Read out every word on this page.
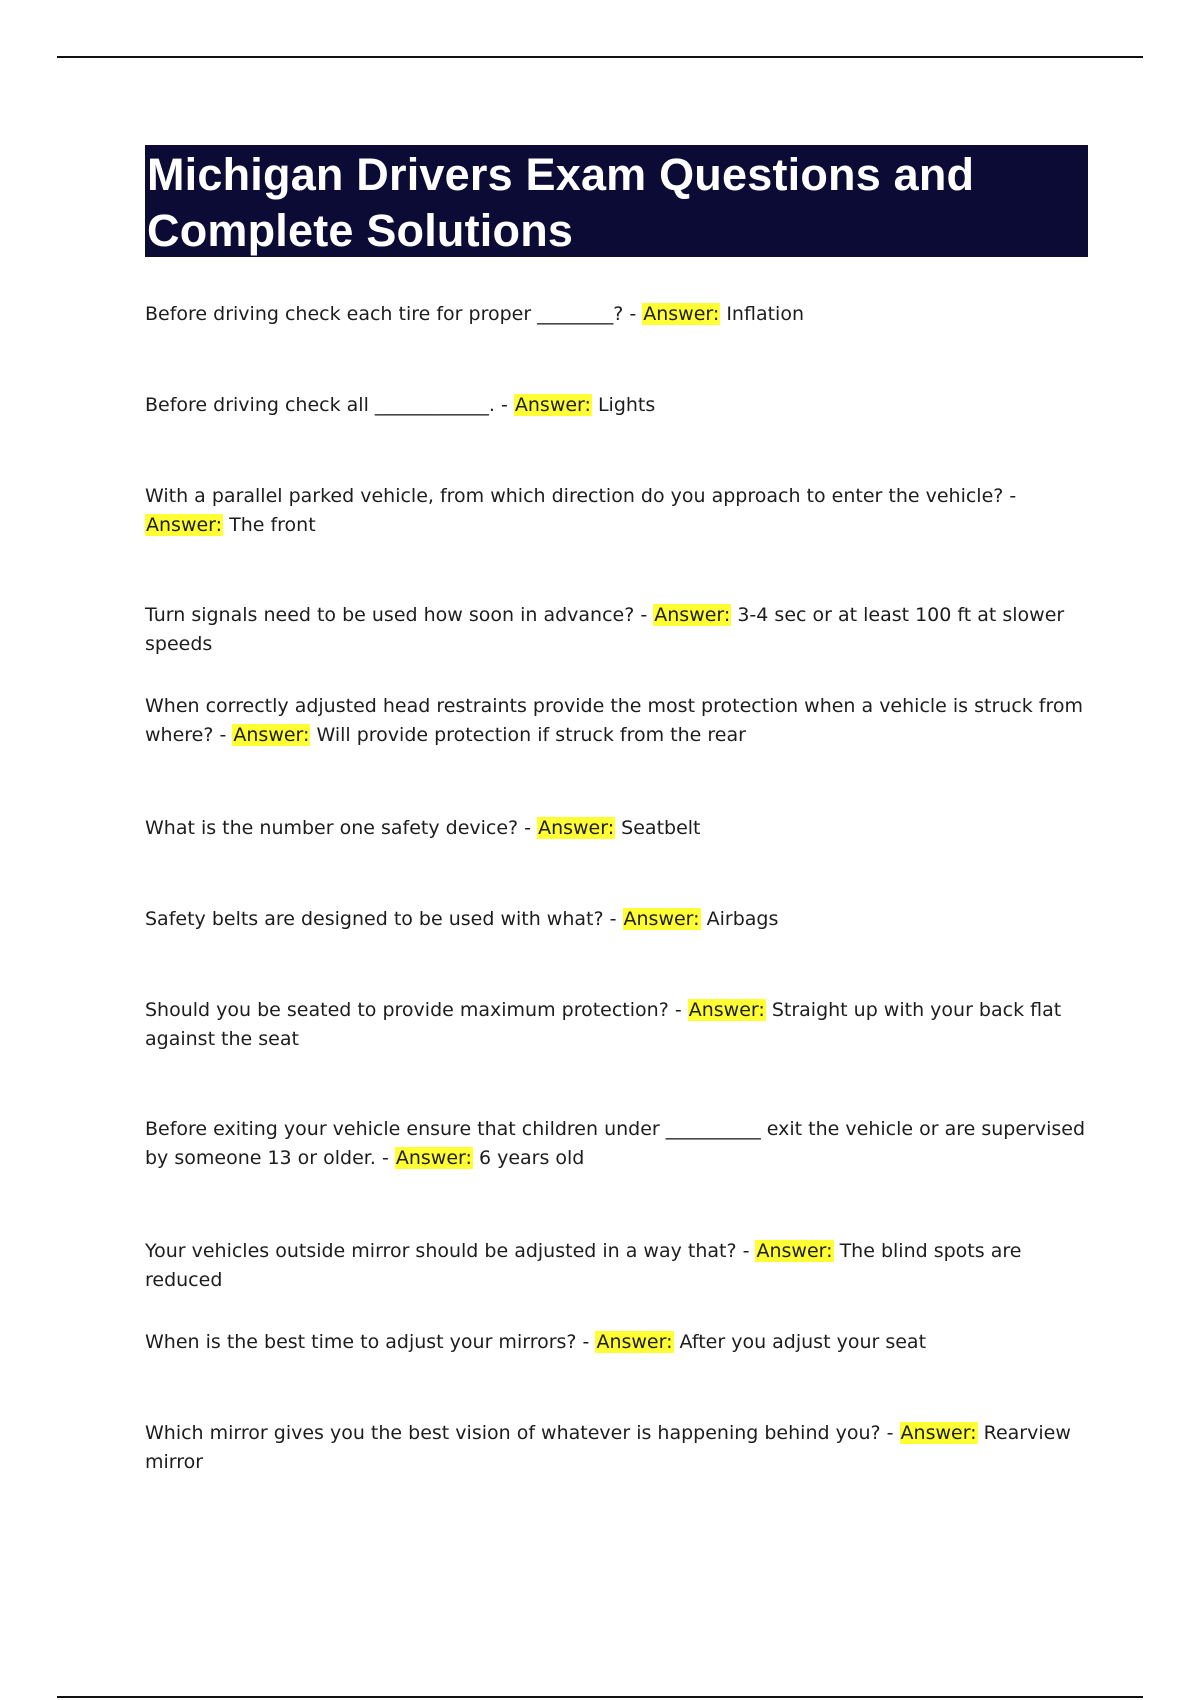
Michigan Drivers Exam Questions and Complete Solutions

Before driving check each tire for proper ________? - Answer: Inflation

Before driving check all ____________. - Answer: Lights

With a parallel parked vehicle, from which direction do you approach to enter the vehicle? - Answer: The front

Turn signals need to be used how soon in advance? - Answer: 3-4 sec or at least 100 ft at slower speeds

When correctly adjusted head restraints provide the most protection when a vehicle is struck from where? - Answer: Will provide protection if struck from the rear

What is the number one safety device? - Answer: Seatbelt

Safety belts are designed to be used with what? - Answer: Airbags

Should you be seated to provide maximum protection? - Answer: Straight up with your back flat against the seat

Before exiting your vehicle ensure that children under __________ exit the vehicle or are supervised by someone 13 or older. - Answer: 6 years old

Your vehicles outside mirror should be adjusted in a way that? - Answer: The blind spots are reduced

When is the best time to adjust your mirrors? - Answer: After you adjust your seat

Which mirror gives you the best vision of whatever is happening behind you? - Answer: Rearview mirror
